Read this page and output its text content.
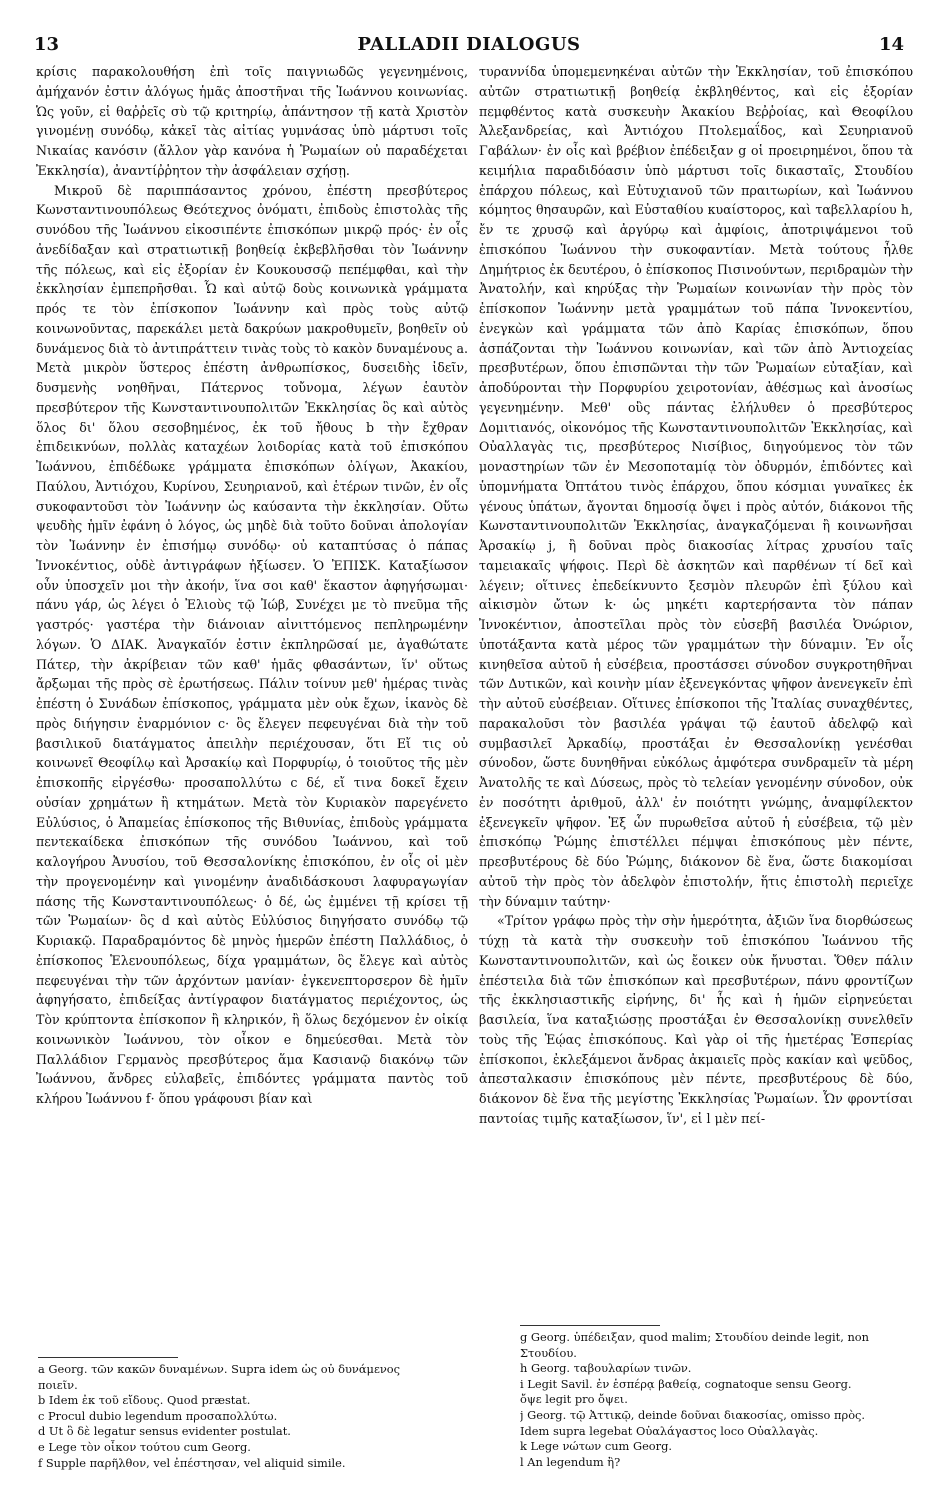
13	PALLADII DIALOGUS	14

κρίσις παρακολουθήση ἐπὶ τοῖς παιγνιωδῶς γεγενημένοις, ἀμήχανόν ἐστιν ἀλόγως ἡμᾶς ἀποστῆναι τῆς Ἰωάννου κοινωνίας. Ὡς γοῦν, εἰ θαῤῥεῖς σὺ τῷ κριτηρίῳ, ἀπάντησον τῇ κατὰ Χριστὸν γινομένῃ συνόδῳ, κἀκεῖ τὰς αἰτίας γυμνάσας ὑπὸ μάρτυσι τοῖς Νικαίας κανόσιν (ἄλλον γὰρ κανόνα ἡ Ῥωμαίων οὐ παραδέχεται Ἐκκλησία), ἀναντίῤῥητον τὴν ἀσφάλειαν σχήσῃ.

Μικροῦ δὲ παριππάσαντος χρόνου, ἐπέστη πρεσβύτερος Κωνσταντινουπόλεως Θεότεχνος ὀνόματι, ἐπιδοὺς ἐπιστολὰς τῆς συνόδου τῆς Ἰωάννου εἰκοσιπέντε ἐπισκόπων μικρῷ πρός· ἐν οἷς ἀνεδίδαξαν καὶ στρατιωτικῇ βοηθείᾳ ἐκβεβλῆσθαι τὸν Ἰωάννην τῆς πόλεως, καὶ εἰς ἐξορίαν ἐν Κουκουσσῷ πεπέμφθαι, καὶ τὴν ἐκκλησίαν ἐμπεπρῆσθαι. Ὧ καὶ αὐτῷ δοὺς κοινωνικὰ γράμματα πρός τε τὸν ἐπίσκοπον Ἰωάννην καὶ πρὸς τοὺς αὐτῷ κοινωνοῦντας, παρεκάλει μετὰ δακρύων μακροθυμεῖν, βοηθεῖν οὐ δυνάμενος διὰ τὸ ἀντιπράττειν τινὰς τοὺς τὸ κακὸν δυναμένους a. Μετὰ μικρὸν ὕστερος ἐπέστη ἀνθρωπίσκος, δυσειδὴς ἰδεῖν, δυσμενὴς νοηθῆναι, Πάτερνος τοὔνομα, λέγων ἑαυτὸν πρεσβύτερον τῆς Κωνσταντινουπολιτῶν Ἐκκλησίας ὃς καὶ αὐτὸς ὅλος δι' ὅλου σεσοβημένος, ἐκ τοῦ ἤθους b τὴν ἔχθραν ἐπιδεικνύων, πολλὰς καταχέων λοιδορίας κατὰ τοῦ ἐπισκόπου Ἰωάννου, ἐπιδέδωκε γράμματα ἐπισκόπων ὀλίγων, Ἀκακίου, Παύλου, Ἀντιόχου, Κυρίνου, Σευηριανοῦ, καὶ ἑτέρων τινῶν, ἐν οἷς συκοφαντοῦσι τὸν Ἰωάννην ὡς καύσαντα τὴν ἐκκλησίαν. Οὕτω ψευδὴς ἡμῖν ἐφάνη ὁ λόγος, ὡς μηδὲ διὰ τοῦτο δοῦναι ἀπολογίαν τὸν Ἰωάννην ἐν ἐπισήμῳ συνόδῳ· οὐ καταπτύσας ὁ πάπας Ἰννοκέντιος, οὐδὲ ἀντιγράφων ἠξίωσεν. Ὁ ἘΠΙΣΚ. Καταξίωσον οὖν ὑποσχεῖν μοι τὴν ἀκοήν, ἵνα σοι καθ' ἕκαστον ἀφηγήσωμαι· πάνυ γάρ, ὡς λέγει ὁ Ἐλιοὺς τῷ Ἰώβ, Συνέχει με τὸ πνεῦμα τῆς γαστρός· γαστέρα τὴν διάνοιαν αἰνιττόμενος πεπληρωμένην λόγων. Ὁ ΔΙΑΚ. Ἀναγκαῖόν ἐστιν ἐκπληρῶσαί με, ἀγαθώτατε Πάτερ, τὴν ἀκρίβειαν τῶν καθ' ἡμᾶς φθασάντων, ἵν' οὕτως ἄρξωμαι τῆς πρὸς σὲ ἐρωτήσεως. Πάλιν τοίνυν μεθ' ἡμέρας τινὰς ἐπέστη ὁ Συνάδων ἐπίσκοπος, γράμματα μὲν οὐκ ἔχων, ἱκανὸς δὲ πρὸς διήγησιν ἐναρμόνιον c· ὃς ἔλεγεν πεφευγέναι διὰ τὴν τοῦ βασιλικοῦ διατάγματος ἀπειλὴν περιέχουσαν, ὅτι Εἴ τις οὐ κοινωνεῖ Θεοφίλῳ καὶ Ἀρσακίῳ καὶ Πορφυρίῳ, ὁ τοιοῦτος τῆς μὲν ἐπισκοπῆς εἰργέσθω· προσαπολλύτω c δέ, εἴ τινα δοκεῖ ἔχειν οὐσίαν χρημάτων ἢ κτημάτων. Μετὰ τὸν Κυριακὸν παρεγένετο Εὐλύσιος, ὁ Ἀπαμείας ἐπίσκοπος τῆς Βιθυνίας, ἐπιδοὺς γράμματα πεντεκαίδεκα ἐπισκόπων τῆς συνόδου Ἰωάννου, καὶ τοῦ καλογήρου Ἀνυσίου, τοῦ Θεσσαλονίκης ἐπισκόπου, ἐν οἷς οἱ μὲν τὴν προγενομένην καὶ γινομένην ἀναδιδάσκουσι λαφυραγωγίαν πάσης τῆς Κωνσταντινουπόλεως· ὁ δέ, ὡς ἐμμένει τῇ κρίσει τῇ τῶν Ῥωμαίων· ὃς d καὶ αὐτὸς Εὐλύσιος διηγήσατο συνόδῳ τῷ Κυριακῷ. Παραδραμόντος δὲ μηνὸς ἡμερῶν ἐπέστη Παλλάδιος, ὁ ἐπίσκοπος Ἑλενουπόλεως, δίχα γραμμάτων, ὃς ἔλεγε καὶ αὐτὸς πεφευγέναι τὴν τῶν ἀρχόντων μανίαν· ἐγκενεπτορσερον δὲ ἡμῖν ἀφηγήσατο, ἐπιδείξας ἀντίγραφον διατάγματος περιέχοντος, ὡς Τὸν κρύπτοντα ἐπίσκοπον ἢ κληρικόν, ἢ ὅλως δεχόμενον ἐν οἰκίᾳ κοινωνικὸν Ἰωάννου, τὸν οἶκον e δημεύεσθαι. Μετὰ τὸν Παλλάδιον Γερμανὸς πρεσβύτερος ἅμα Κασιανῷ διακόνῳ τῶν Ἰωάννου, ἄνδρες εὐλαβεῖς, ἐπιδόντες γράμματα παντὸς τοῦ κλήρου Ἰωάννου f· ὅπου γράφουσι βίαν καὶ

τυραννίδα ὑπομεμενηκέναι αὐτῶν τὴν Ἐκκλησίαν, τοῦ ἐπισκόπου αὐτῶν στρατιωτικῇ βοηθείᾳ ἐκβληθέντος, καὶ εἰς ἐξορίαν πεμφθέντος κατὰ συσκευὴν Ἀκακίου Βεῤῥοίας, καὶ Θεοφίλου Ἀλεξανδρείας, καὶ Ἀντιόχου Πτολεμαΐδος, καὶ Σευηριανοῦ Γαβάλων· ἐν οἷς καὶ βρέβιον ἐπέδειξαν g οἱ προειρημένοι, ὅπου τὰ κειμήλια παραδιδόασιν ὑπὸ μάρτυσι τοῖς δικασταῖς, Στουδίου ἐπάρχου πόλεως, καὶ Εὐτυχιανοῦ τῶν πραιτωρίων, καὶ Ἰωάννου κόμητος θησαυρῶν, καὶ Εὐσταθίου κυαίστορος, καὶ ταβελλαρίου h, ἔν τε χρυσῷ καὶ ἀργύρῳ καὶ ἀμφίοις, ἀποτριψάμενοι τοῦ ἐπισκόπου Ἰωάννου τὴν συκοφαντίαν. Μετὰ τούτους ἦλθε Δημήτριος ἐκ δευτέρου, ὁ ἐπίσκοπος Πισινούντων, περιδραμὼν τὴν Ἀνατολήν, καὶ κηρύξας τὴν Ῥωμαίων κοινωνίαν τὴν πρὸς τὸν ἐπίσκοπον Ἰωάννην μετὰ γραμμάτων τοῦ πάπα Ἰννοκεντίου, ἐνεγκὼν καὶ γράμματα τῶν ἀπὸ Καρίας ἐπισκόπων, ὅπου ἀσπάζονται τὴν Ἰωάννου κοινωνίαν, καὶ τῶν ἀπὸ Ἀντιοχείας πρεσβυτέρων, ὅπου ἐπισπῶνται τὴν τῶν Ῥωμαίων εὐταξίαν, καὶ ἀποδύρονται τὴν Πορφυρίου χειροτονίαν, ἀθέσμως καὶ ἀνοσίως γεγενημένην. Μεθ' οὓς πάντας ἐλήλυθεν ὁ πρεσβύτερος Δομιτιανός, οἰκονόμος τῆς Κωνσταντινουπολιτῶν Ἐκκλησίας, καὶ Οὐαλλαγὰς τις, πρεσβύτερος Νισίβιος, διηγούμενος τὸν τῶν μοναστηρίων τῶν ἐν Μεσοποταμίᾳ τὸν ὀδυρμόν, ἐπιδόντες καὶ ὑπομνήματα Ὀπτάτου τινὸς ἐπάρχου, ὅπου κόσμιαι γυναῖκες ἐκ γένους ὑπάτων, ἄγονται δημοσίᾳ ὄψει i πρὸς αὐτόν, διάκονοι τῆς Κωνσταντινουπολιτῶν Ἐκκλησίας, ἀναγκαζόμεναι ἢ κοινωνῆσαι Ἀρσακίῳ j, ἢ δοῦναι πρὸς διακοσίας λίτρας χρυσίου ταῖς ταμειακαῖς ψήφοις. Περὶ δὲ ἀσκητῶν καὶ παρθένων τί δεῖ καὶ λέγειν; οἵτινες ἐπεδείκνυντο ξεσμὸν πλευρῶν ἐπὶ ξύλου καὶ αἰκισμὸν ὤτων k· ὡς μηκέτι καρτερήσαντα τὸν πάπαν Ἰννοκέντιον, ἀποστεῖλαι πρὸς τὸν εὐσεβῆ βασιλέα Ὀνώριον, ὑποτάξαντα κατὰ μέρος τῶν γραμμάτων τὴν δύναμιν. Ἐν οἷς κινηθεῖσα αὐτοῦ ἡ εὐσέβεια, προστάσσει σύνοδον συγκροτηθῆναι τῶν Δυτικῶν, καὶ κοινὴν μίαν ἐξενεγκόντας ψῆφον ἀνενεγκεῖν ἐπὶ τὴν αὐτοῦ εὐσέβειαν. Οἵτινες ἐπίσκοποι τῆς Ἰταλίας συναχθέντες, παρακαλοῦσι τὸν βασιλέα γράψαι τῷ ἑαυτοῦ ἀδελφῷ καὶ συμβασιλεῖ Ἀρκαδίῳ, προστάξαι ἐν Θεσσαλονίκῃ γενέσθαι σύνοδον, ὥστε δυνηθῆναι εὐκόλως ἀμφότερα συνδραμεῖν τὰ μέρη Ἀνατολῆς τε καὶ Δύσεως, πρὸς τὸ τελείαν γενομένην σύνοδον, οὐκ ἐν ποσότητι ἀριθμοῦ, ἀλλ' ἐν ποιότητι γνώμης, ἀναμφίλεκτον ἐξενεγκεῖν ψῆφον. Ἐξ ὧν πυρωθεῖσα αὐτοῦ ἡ εὐσέβεια, τῷ μὲν ἐπισκόπῳ Ῥώμης ἐπιστέλλει πέμψαι ἐπισκόπους μὲν πέντε, πρεσβυτέρους δὲ δύο Ῥώμης, διάκονον δὲ ἕνα, ὥστε διακομίσαι αὐτοῦ τὴν πρὸς τὸν ἀδελφὸν ἐπιστολήν, ἥτις ἐπιστολὴ περιεῖχε τὴν δύναμιν ταύτην·

«Τρίτον γράφω πρὸς τὴν σὴν ἡμερότητα, ἀξιῶν ἵνα διορθώσεως τύχῃ τὰ κατὰ τὴν συσκευὴν τοῦ ἐπισκόπου Ἰωάννου τῆς Κωνσταντινουπολιτῶν, καὶ ὡς ἔοικεν οὐκ ἤνυσται. Ὅθεν πάλιν ἐπέστειλα διὰ τῶν ἐπισκόπων καὶ πρεσβυτέρων, πάνυ φροντίζων τῆς ἐκκλησιαστικῆς εἰρήνης, δι' ἧς καὶ ἡ ἡμῶν εἰρηνεύεται βασιλεία, ἵνα καταξιώσῃς προστάξαι ἐν Θεσσαλονίκῃ συνελθεῖν τοὺς τῆς Ἑῴας ἐπισκόπους. Καὶ γὰρ οἱ τῆς ἡμετέρας Ἑσπερίας ἐπίσκοποι, ἐκλεξάμενοι ἄνδρας ἀκμαιεῖς πρὸς κακίαν καὶ ψεῦδος, ἀπεσταλκασιν ἐπισκόπους μὲν πέντε, πρεσβυτέρους δὲ δύο, διάκονον δὲ ἕνα τῆς μεγίστης Ἐκκλησίας Ῥωμαίων. Ὧν φροντίσαι παντοίας τιμῆς καταξίωσον, ἵν', εἰ l μὲν πεί-

a Georg. τῶν κακῶν δυναμένων. Supra idem ὡς οὐ δυνάμενος
ποιεῖν.
b Idem ἐκ τοῦ εἴδους. Quod præstat.
c Procul dubio legendum προσαπολλύτω.
d Ut ὃ δὲ legatur sensus evidenter postulat.
e Lege τὸν οἶκον τούτου cum Georg.
f Supple παρῆλθον, vel ἐπέστησαν, vel aliquid simile.
g Georg. ὑπέδειξαν, quod malim; Στουδίου deinde legit, non
Στουδίου.
h Georg. ταβουλαρίων τινῶν.
i Legit Savil. ἐν ἑσπέρᾳ βαθείᾳ, cognatoque sensu Georg.
ὄψε legit pro ὄψει.
j Georg. τῷ Ἀττικῷ, deinde δοῦναι διακοσίας, omisso πρὸς.
Idem supra legebat Οὐαλάγαστος loco Οὐαλλαγὰς.
k Lege νώτων cum Georg.
l An legendum ἢ?
